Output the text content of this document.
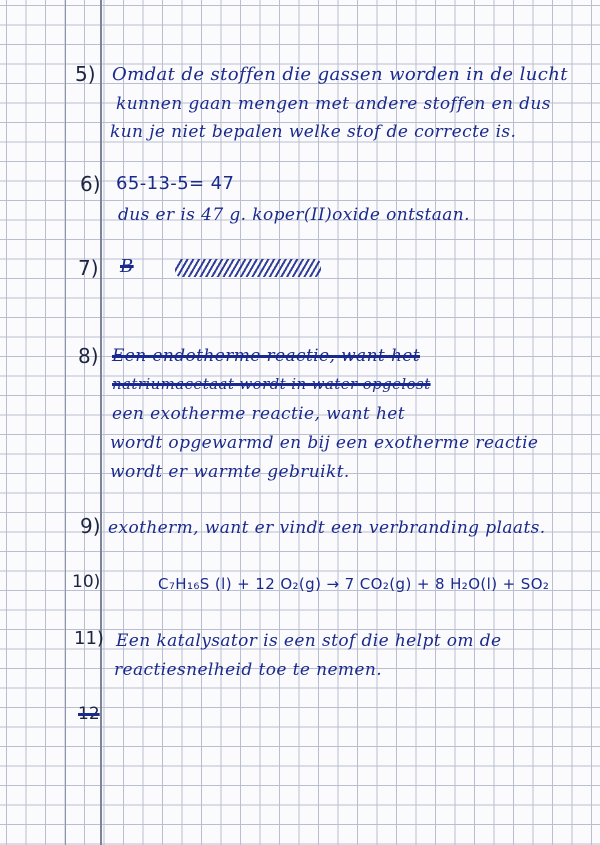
5) Omdat de stoffen die gassen worden in de lucht
kunnen gaan mengen met andere stoffen en dus
kun je niet bepalen welke stof de correcte is.
6) 65-13-5= 47
dus er is 47 g. koper(II)oxide ontstaan.
7) B
8) Een endotherme reactie, want het
natriumacetaat wordt in water opgelost
een exotherme reactie, want het
wordt opgewarmd en bij een exotherme reactie
wordt er warmte gebruikt.
9) exotherm, want er vindt een verbranding plaats.
10)	C₇H₁₆S (l) + 12 O₂(g) → 7 CO₂(g) + 8 H₂O(l) + SO₂
11) Een katalysator is een stof die helpt om de
reactiesnelheid toe te nemen.
12
